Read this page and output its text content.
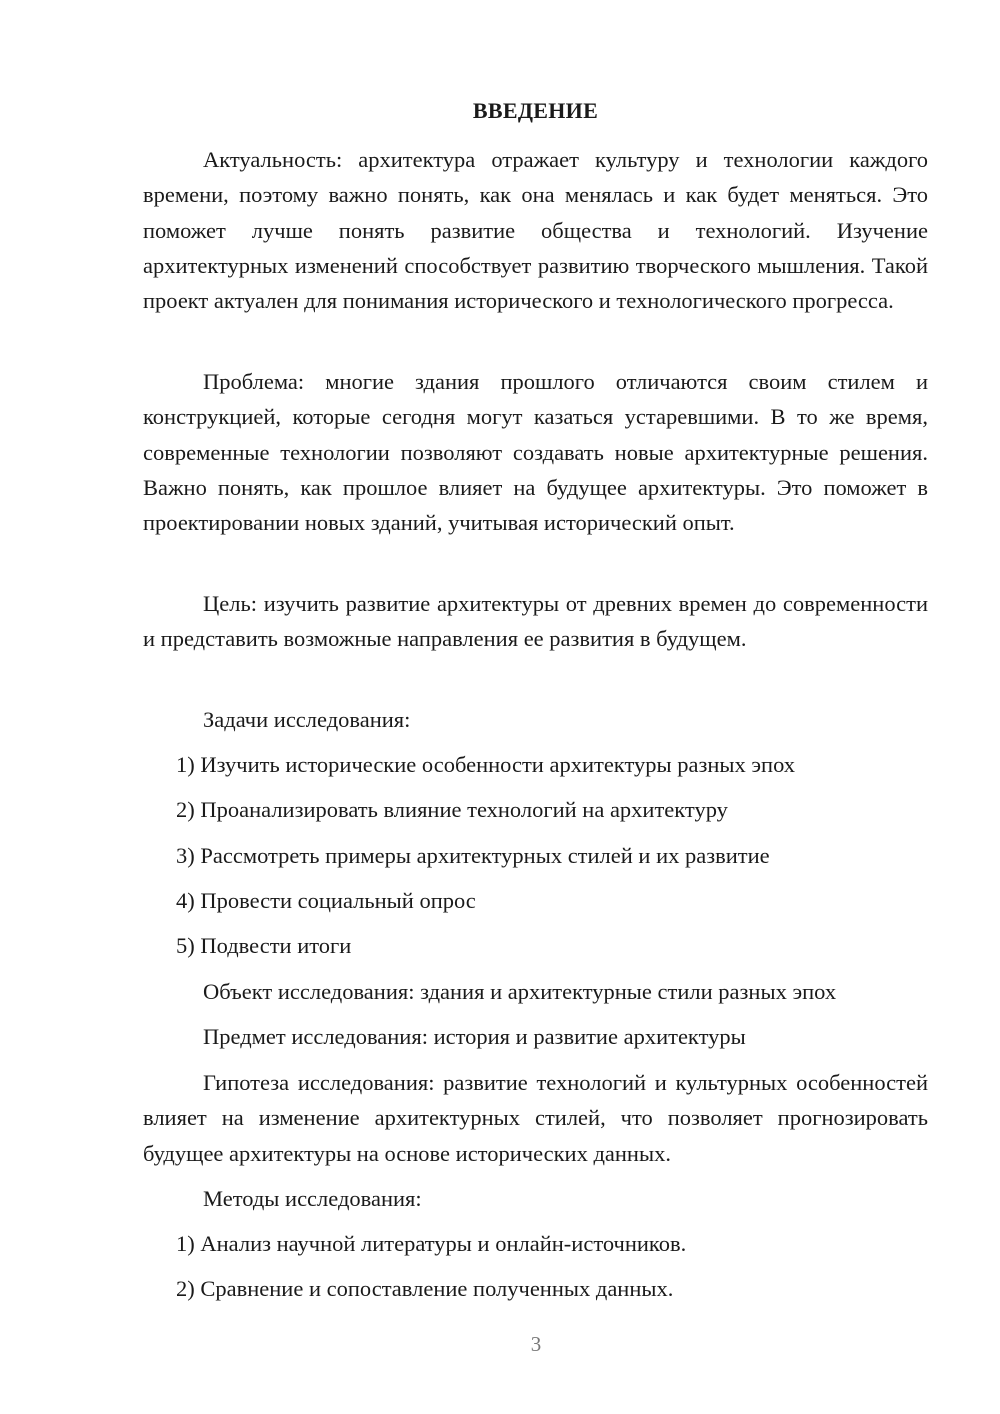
ВВЕДЕНИЕ

Актуальность: архитектура отражает культуру и технологии каждого времени, поэтому важно понять, как она менялась и как будет меняться. Это поможет лучше понять развитие общества и технологий. Изучение архитектурных изменений способствует развитию творческого мышления. Такой проект актуален для понимания исторического и технологического прогресса.

Проблема: многие здания прошлого отличаются своим стилем и конструкцией, которые сегодня могут казаться устаревшими. В то же время, современные технологии позволяют создавать новые архитектурные решения. Важно понять, как прошлое влияет на будущее архитектуры. Это поможет в проектировании новых зданий, учитывая исторический опыт.

Цель: изучить развитие архитектуры от древних времен до современности и представить возможные направления ее развития в будущем.

Задачи исследования:

1) Изучить исторические особенности архитектуры разных эпох

2) Проанализировать влияние технологий на архитектуру

3) Рассмотреть примеры архитектурных стилей и их развитие

4) Провести социальный опрос

5) Подвести итоги

Объект исследования: здания и архитектурные стили разных эпох

Предмет исследования: история и развитие архитектуры

Гипотеза исследования: развитие технологий и культурных особенностей влияет на изменение архитектурных стилей, что позволяет прогнозировать будущее архитектуры на основе исторических данных.

Методы исследования:

1) Анализ научной литературы и онлайн-источников.

2) Сравнение и сопоставление полученных данных.

3
